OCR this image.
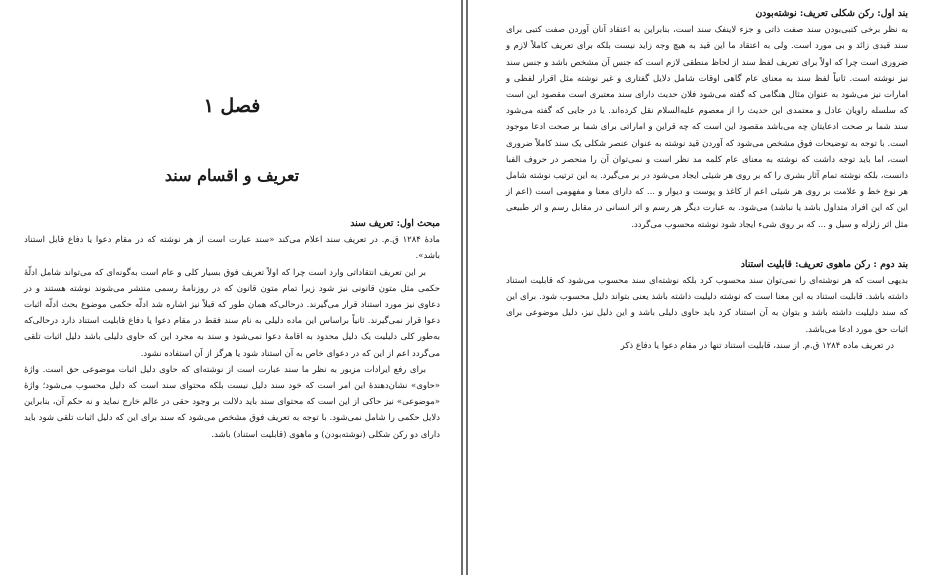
فصل ۱

تعریف و اقسام سند

مبحث اول: تعریف سند

مادهٔ ۱۲۸۴ ق.م. در تعریف سند اعلام می‌کند «سند عبارت است از هر نوشته که در مقام دعوا یا دفاع قابل استناد باشد».

بر این تعریف انتقاداتی وارد است چرا که اولاً تعریف فوق بسیار کلی و عام است به‌گونه‌ای که می‌تواند شامل ادلّهٔ حکمی مثل متون قانونی نیز شود زیرا تمام متون قانون که در روزنامهٔ رسمی منتشر می‌شوند نوشته هستند و در دعاوی نیز مورد استناد قرار می‌گیرند. درحالی‌که همان طور که قبلاً نیز اشاره شد ادلّه حکمی موضوع بحث ادلّه اثبات دعوا قرار نمی‌گیرند. ثانیاً براساس این ماده دلیلی به نام سند فقط در مقام دعوا یا دفاع قابلیت استناد دارد درحالی‌که به‌طور کلی دلیلیت یک دلیل محدود به اقامهٔ دعوا نمی‌شود و سند به مجرد این که حاوی دلیلی باشد دلیل اثبات تلقی می‌گردد اعم از این که در دعوای خاص به آن استناد شود یا هرگز از آن استفاده نشود.

برای رفع ایرادات مزبور به نظر ما سند عبارت است از نوشته‌ای که حاوی دلیل اثبات موضوعی حق است. واژهٔ «حاوی» نشان‌دهندهٔ این امر است که خود سند دلیل نیست بلکه محتوای سند است که دلیل محسوب می‌شود؛ واژهٔ «موضوعی» نیز حاکی از این است که محتوای سند باید دلالت بر وجود حقی در عالم خارج نماید و نه حکم آن، بنابراین دلایل حکمی را شامل نمی‌شود. با توجه به تعریف فوق مشخص می‌شود که سند برای این که دلیل اثبات تلقی شود باید دارای دو رکن شکلی (نوشته‌بودن) و ماهوی (قابلیت استناد) باشد.

بند اول: رکن شکلی تعریف: نوشته‌بودن

به نظر برخی کتبی‌بودن سند صفت ذاتی و جزء لاینفک سند است، بنابراین به اعتقاد آنان آوردن صفت کتبی برای سند قیدی زائد و بی مورد است. ولی به اعتقاد ما این قید به هیچ وجه زاید نیست بلکه برای تعریف کاملاً لازم و ضروری است چرا که اولاً برای تعریف لفظ سند از لحاظ منطقی لازم است که جنس آن مشخص باشد و جنس سند نیز نوشته است. ثانیاً لفظ سند به معنای عام گاهی اوقات شامل دلایل گفتاری و غیر نوشته مثل اقرار لفظی و امارات نیز می‌شود به عنوان مثال هنگامی که گفته می‌شود فلان حدیث دارای سند معتبری است مقصود این است که سلسله راویان عادل و معتمدی این حدیث را از معصوم علیه‌السلام نقل کرده‌اند. یا در جایی که گفته می‌شود سند شما بر صحت ادعایتان چه می‌باشد مقصود این است که چه قراین و اماراتی برای شما بر صحت ادعا موجود است. با توجه به توضیحات فوق مشخص می‌شود که آوردن قید نوشته به عنوان عنصر شکلی یک سند کاملاً ضروری است، اما باید توجه داشت که نوشته به معنای عام کلمه مد نظر است و نمی‌توان آن را منحصر در حروف الفبا دانست، بلکه نوشته تمام آثار بشری را که بر روی هر شیئی ایجاد می‌شود در بر می‌گیرد. به این ترتیب نوشته شامل هر نوع خط و علامت بر روی هر شیئی اعم از کاغذ و پوست و دیوار و ... که دارای معنا و مفهومی است (اعم از این که این افراد متداول باشد یا نباشد) می‌شود. به عبارت دیگر هر رسم و اثر انسانی در مقابل رسم و اثر طبیعی مثل اثر زلزله و سیل و ... که بر روی شیء ایجاد شود نوشته محسوب می‌گردد.

بند دوم : رکن ماهوی تعریف: قابلیت استناد

بدیهی است که هر نوشته‌ای را نمی‌توان سند محسوب کرد بلکه نوشته‌ای سند محسوب می‌شود که قابلیت استناد داشته باشد. قابلیت استناد به این معنا است که نوشته دلیلیت داشته باشد یعنی بتواند دلیل محسوب شود. برای این که سند دلیلیت داشته باشد و بتوان به آن استناد کرد باید حاوی دلیلی باشد و این دلیل نیز، دلیل موضوعی برای اثبات حق مورد ادعا می‌باشد.

در تعریف ماده ۱۲۸۴ ق.م. از سند، قابلیت استناد تنها در مقام دعوا یا دفاع ذکر
